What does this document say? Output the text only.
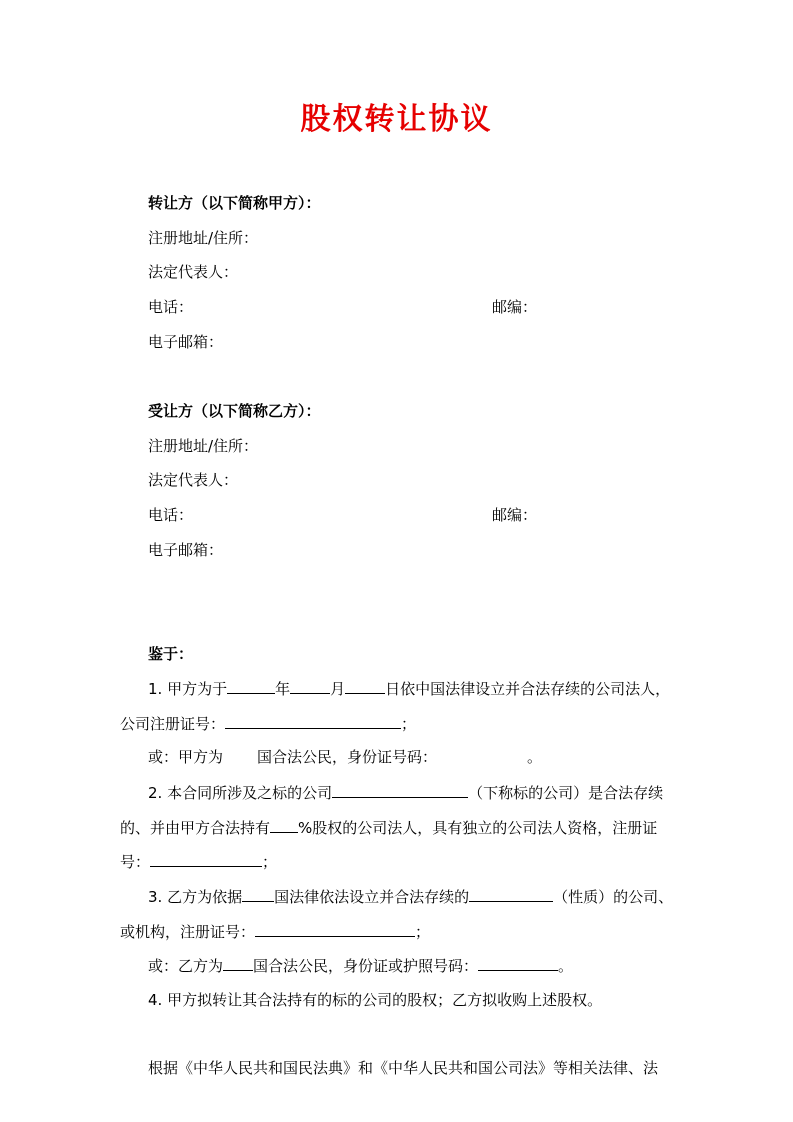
股权转让协议
转让方（以下简称甲方）：
注册地址/住所：
法定代表人：
电话：	邮编：
电子邮箱：
受让方（以下简称乙方）：
注册地址/住所：
法定代表人：
电话：	邮编：
电子邮箱：
鉴于：
1. 甲方为于	年	月	日依中国法律设立并合法存续的公司法人，
公司注册证号：	；
或：甲方为 国合法公民，身份证号码：	。
2. 本合同所涉及之标的公司	（下称标的公司）是合法存续
的、并由甲方合法持有 %股权的公司法人，具有独立的公司法人资格，注册证
号：	；
3. 乙方为依据 国法律依法设立并合法存续的	（性质）的公司、
或机构，注册证号：	；
或：乙方为 国合法公民，身份证或护照号码：	。
4. 甲方拟转让其合法持有的标的公司的股权；乙方拟收购上述股权。
根据《中华人民共和国民法典》和《中华人民共和国公司法》等相关法律、法
